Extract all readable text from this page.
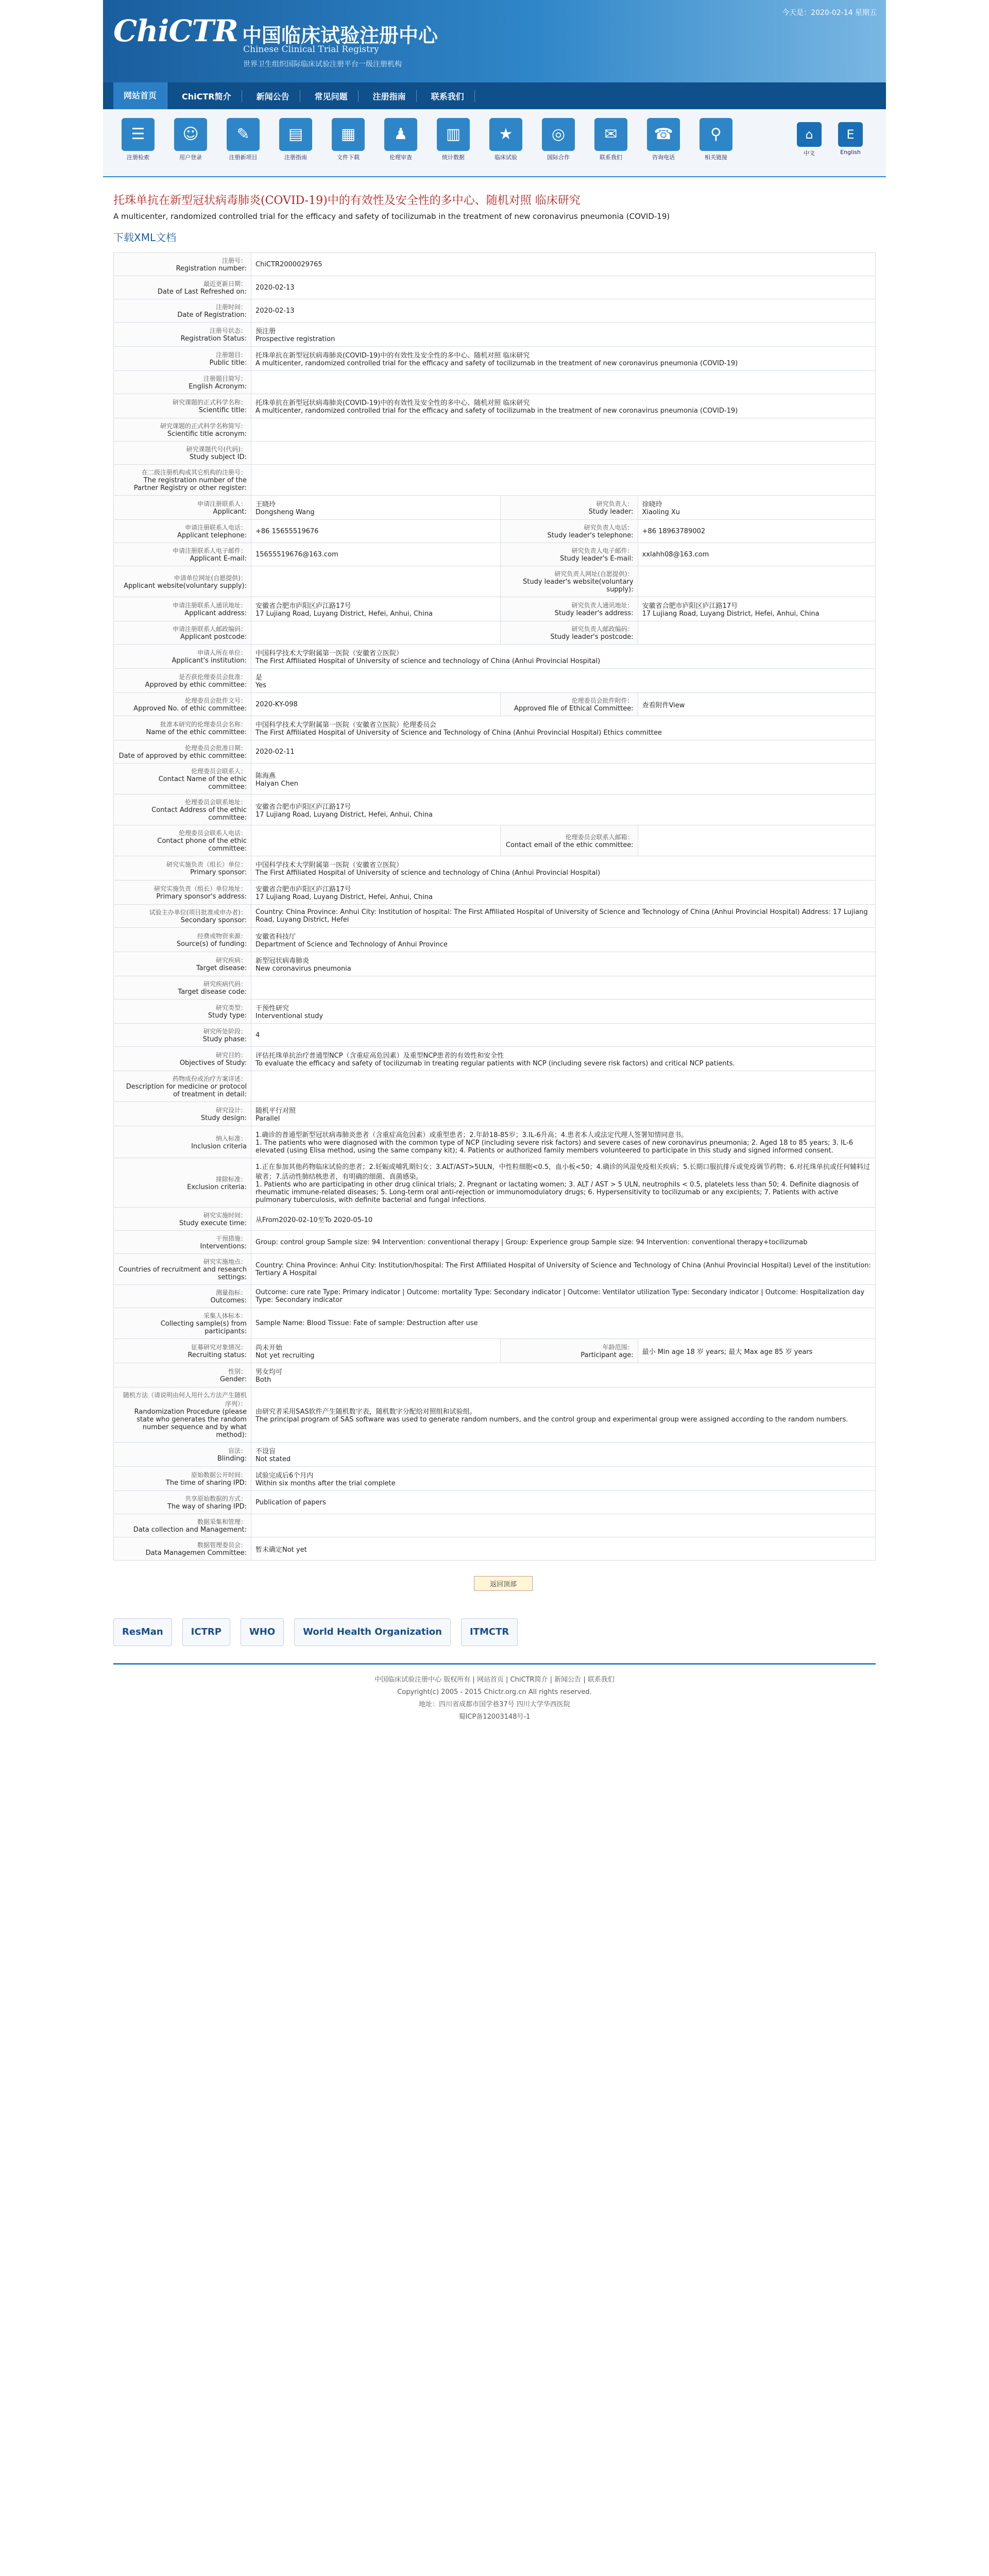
ChiCTR 中国临床试验注册中心
Chinese Clinical Trial Registry
世界卫生组织国际临床试验注册平台一级注册机构
今天是：2020-02-14 星期五
网站首页	ChiCTR简介	新闻公告	常见问题	注册指南	联系我们
☰
注册检索
☺
用户登录
✎
注册新项目
▤
注册指南
▦
文件下载
♟
伦理审查
▥
统计数据
★
临床试验
◎
国际合作
✉
联系我们
☎
咨询电话
⚲
相关链接
⌂
中文
E
English
托珠单抗在新型冠状病毒肺炎(COVID-19)中的有效性及安全性的多中心、随机对照 临床研究
A multicenter, randomized controlled trial for the efficacy and safety of tocilizumab in the treatment of new coronavirus pneumonia (COVID-19)
下载XML文档
注册号：
Registration number:	ChiCTR2000029765		

最近更新日期：
Date of Last Refreshed on:	2020-02-13		

注册时间：
Date of Registration:	2020-02-13		

注册号状态：
Registration Status:	预注册
Prospective registration		

注册题目：
Public title:	托珠单抗在新型冠状病毒肺炎(COVID-19)中的有效性及安全性的多中心、随机对照 临床研究
A multicenter, randomized controlled trial for the efficacy and safety of tocilizumab in the treatment of new coronavirus pneumonia (COVID-19)		

注册题目简写：
English Acronym:			

研究课题的正式科学名称：
Scientific title:	托珠单抗在新型冠状病毒肺炎(COVID-19)中的有效性及安全性的多中心、随机对照 临床研究
A multicenter, randomized controlled trial for the efficacy and safety of tocilizumab in the treatment of new coronavirus pneumonia (COVID-19)		

研究课题的正式科学名称简写：
Scientific title acronym:			

研究课题代号(代码)：
Study subject ID:			

在二级注册机构或其它机构的注册号：
The registration number of the Partner Registry or other register:			

申请注册联系人：
Applicant:	王晓玲
Dongsheng Wang	研究负责人：
Study leader:	徐晓玲
Xiaoling Xu

申请注册联系人电话：
Applicant telephone:	+86 15655519676	研究负责人电话：
Study leader's telephone:	+86 18963789002

申请注册联系人电子邮件：
Applicant E-mail:	15655519676@163.com	研究负责人电子邮件：
Study leader's E-mail:	xxlahh08@163.com

申请单位网址(自愿提供)：
Applicant website(voluntary supply):		研究负责人网址(自愿提供)：
Study leader's website(voluntary supply):	

申请注册联系人通讯地址：
Applicant address:	安徽省合肥市庐阳区庐江路17号
17 Lujiang Road, Luyang District, Hefei, Anhui, China	研究负责人通讯地址：
Study leader's address:	安徽省合肥市庐阳区庐江路17号
17 Lujiang Road, Luyang District, Hefei, Anhui, China

申请注册联系人邮政编码：
Applicant postcode:		研究负责人邮政编码：
Study leader's postcode:	

申请人所在单位：
Applicant's institution:	中国科学技术大学附属第一医院（安徽省立医院）
The First Affiliated Hospital of University of science and technology of China (Anhui Provincial Hospital)		

是否获伦理委员会批准：
Approved by ethic committee:	是
Yes		

伦理委员会批件文号：
Approved No. of ethic committee:	2020-KY-098	伦理委员会批件附件：
Approved file of Ethical Committee:	查看附件View

批准本研究的伦理委员会名称：
Name of the ethic committee:	中国科学技术大学附属第一医院（安徽省立医院）伦理委员会
The First Affiliated Hospital of University of Science and Technology of China (Anhui Provincial Hospital) Ethics committee		

伦理委员会批准日期：
Date of approved by ethic committee:	2020-02-11		

伦理委员会联系人：
Contact Name of the ethic committee:	陈海燕
Haiyan Chen		

伦理委员会联系地址：
Contact Address of the ethic committee:	安徽省合肥市庐阳区庐江路17号
17 Lujiang Road, Luyang District, Hefei, Anhui, China		

伦理委员会联系人电话：
Contact phone of the ethic committee:		伦理委员会联系人邮箱：
Contact email of the ethic committee:	

研究实施负责（组长）单位：
Primary sponsor:	中国科学技术大学附属第一医院（安徽省立医院）
The First Affiliated Hospital of University of science and technology of China (Anhui Provincial Hospital)		

研究实施负责（组长）单位地址：
Primary sponsor's address:	安徽省合肥市庐阳区庐江路17号
17 Lujiang Road, Luyang District, Hefei, Anhui, China		

试验主办单位(项目批准或申办者)：
Secondary sponsor:	Country: China Province: Anhui City: Institution of hospital: The First Affiliated Hospital of University of Science and Technology of China (Anhui Provincial Hospital) Address: 17 Lujiang Road, Luyang District, Hefei		

经费或物资来源：
Source(s) of funding:	安徽省科技厅
Department of Science and Technology of Anhui Province		

研究疾病：
Target disease:	新型冠状病毒肺炎
New coronavirus pneumonia		

研究疾病代码：
Target disease code:			

研究类型：
Study type:	干预性研究
Interventional study		

研究所处阶段：
Study phase:	4		

研究目的：
Objectives of Study:	评估托珠单抗治疗普通型NCP（含重症高危因素）及重型NCP患者的有效性和安全性
To evaluate the efficacy and safety of tocilizumab in treating regular patients with NCP (including severe risk factors) and critical NCP patients.		

药物成份或治疗方案详述：
Description for medicine or protocol of treatment in detail:			

研究设计：
Study design:	随机平行对照
Parallel		

纳入标准：
Inclusion criteria	1.确诊的普通型新型冠状病毒肺炎患者（含重症高危因素）或重型患者；2.年龄18-85岁；3.IL-6升高；4.患者本人或法定代理人签署知情同意书。
1. The patients who were diagnosed with the common type of NCP (including severe risk factors) and severe cases of new coronavirus pneumonia; 2. Aged 18 to 85 years; 3. IL-6 elevated (using Elisa method, using the same company kit); 4. Patients or authorized family members volunteered to participate in this study and signed informed consent.		

排除标准：
Exclusion criteria:	1.正在参加其他药物临床试验的患者；2.妊娠或哺乳期妇女；3.ALT/AST>5ULN，中性粒细胞<0.5，血小板<50；4.确诊的风湿免疫相关疾病；5.长期口服抗排斥或免疫调节药物；6.对托珠单抗或任何辅料过敏者；7.活动性肺结核患者，有明确的细菌、真菌感染。
1. Patients who are participating in other drug clinical trials; 2. Pregnant or lactating women; 3. ALT / AST > 5 ULN, neutrophils < 0.5, platelets less than 50; 4. Definite diagnosis of rheumatic immune-related diseases; 5. Long-term oral anti-rejection or immunomodulatory drugs; 6. Hypersensitivity to tocilizumab or any excipients; 7. Patients with active pulmonary tuberculosis, with definite bacterial and fungal infections.		

研究实施时间：
Study execute time:	从From2020-02-10至To 2020-05-10		

干预措施：
Interventions:	Group: control group Sample size: 94 Intervention: conventional therapy | Group: Experience group Sample size: 94 Intervention: conventional therapy+tocilizumab		

研究实施地点：
Countries of recruitment and research settings:	Country: China Province: Anhui City: Institution/hospital: The First Affiliated Hospital of University of Science and Technology of China (Anhui Provincial Hospital) Level of the institution: Tertiary A Hospital		

测量指标：
Outcomes:	Outcome: cure rate Type: Primary indicator | Outcome: mortality Type: Secondary indicator | Outcome: Ventilator utilization Type: Secondary indicator | Outcome: Hospitalization day Type: Secondary indicator		

采集人体标本：
Collecting sample(s) from participants:	Sample Name: Blood Tissue: Fate of sample: Destruction after use		

征募研究对象情况：
Recruiting status:	尚未开始
Not yet recruiting	年龄范围：
Participant age:	最小 Min age 18 岁 years; 最大 Max age 85 岁 years

性别：
Gender:	男女均可
Both		

随机方法（请说明由何人用什么方法产生随机序列）：
Randomization Procedure (please state who generates the random number sequence and by what method):	由研究者采用SAS软件产生随机数字表，随机数字分配给对照组和试验组。
The principal program of SAS software was used to generate random numbers, and the control group and experimental group were assigned according to the random numbers.		

盲法：
Blinding:	不设盲
Not stated		

原始数据公开时间：
The time of sharing IPD:	试验完成后6个月内
Within six months after the trial complete		

共享原始数据的方式：
The way of sharing IPD:	Publication of papers		

数据采集和管理：
Data collection and Management:			

数据管理委员会：
Data Managemen Committee:	暂未确定Not yet		
返回顶部
ResMan	ICTRP	WHO	World Health Organization	ITMCTR
中国临床试验注册中心 版权所有 | 网站首页 | ChiCTR简介 | 新闻公告 | 联系我们
Copyright(c) 2005 - 2015 Chictr.org.cn All rights reserved.
地址：四川省成都市国学巷37号 四川大学华西医院
蜀ICP备12003148号-1
